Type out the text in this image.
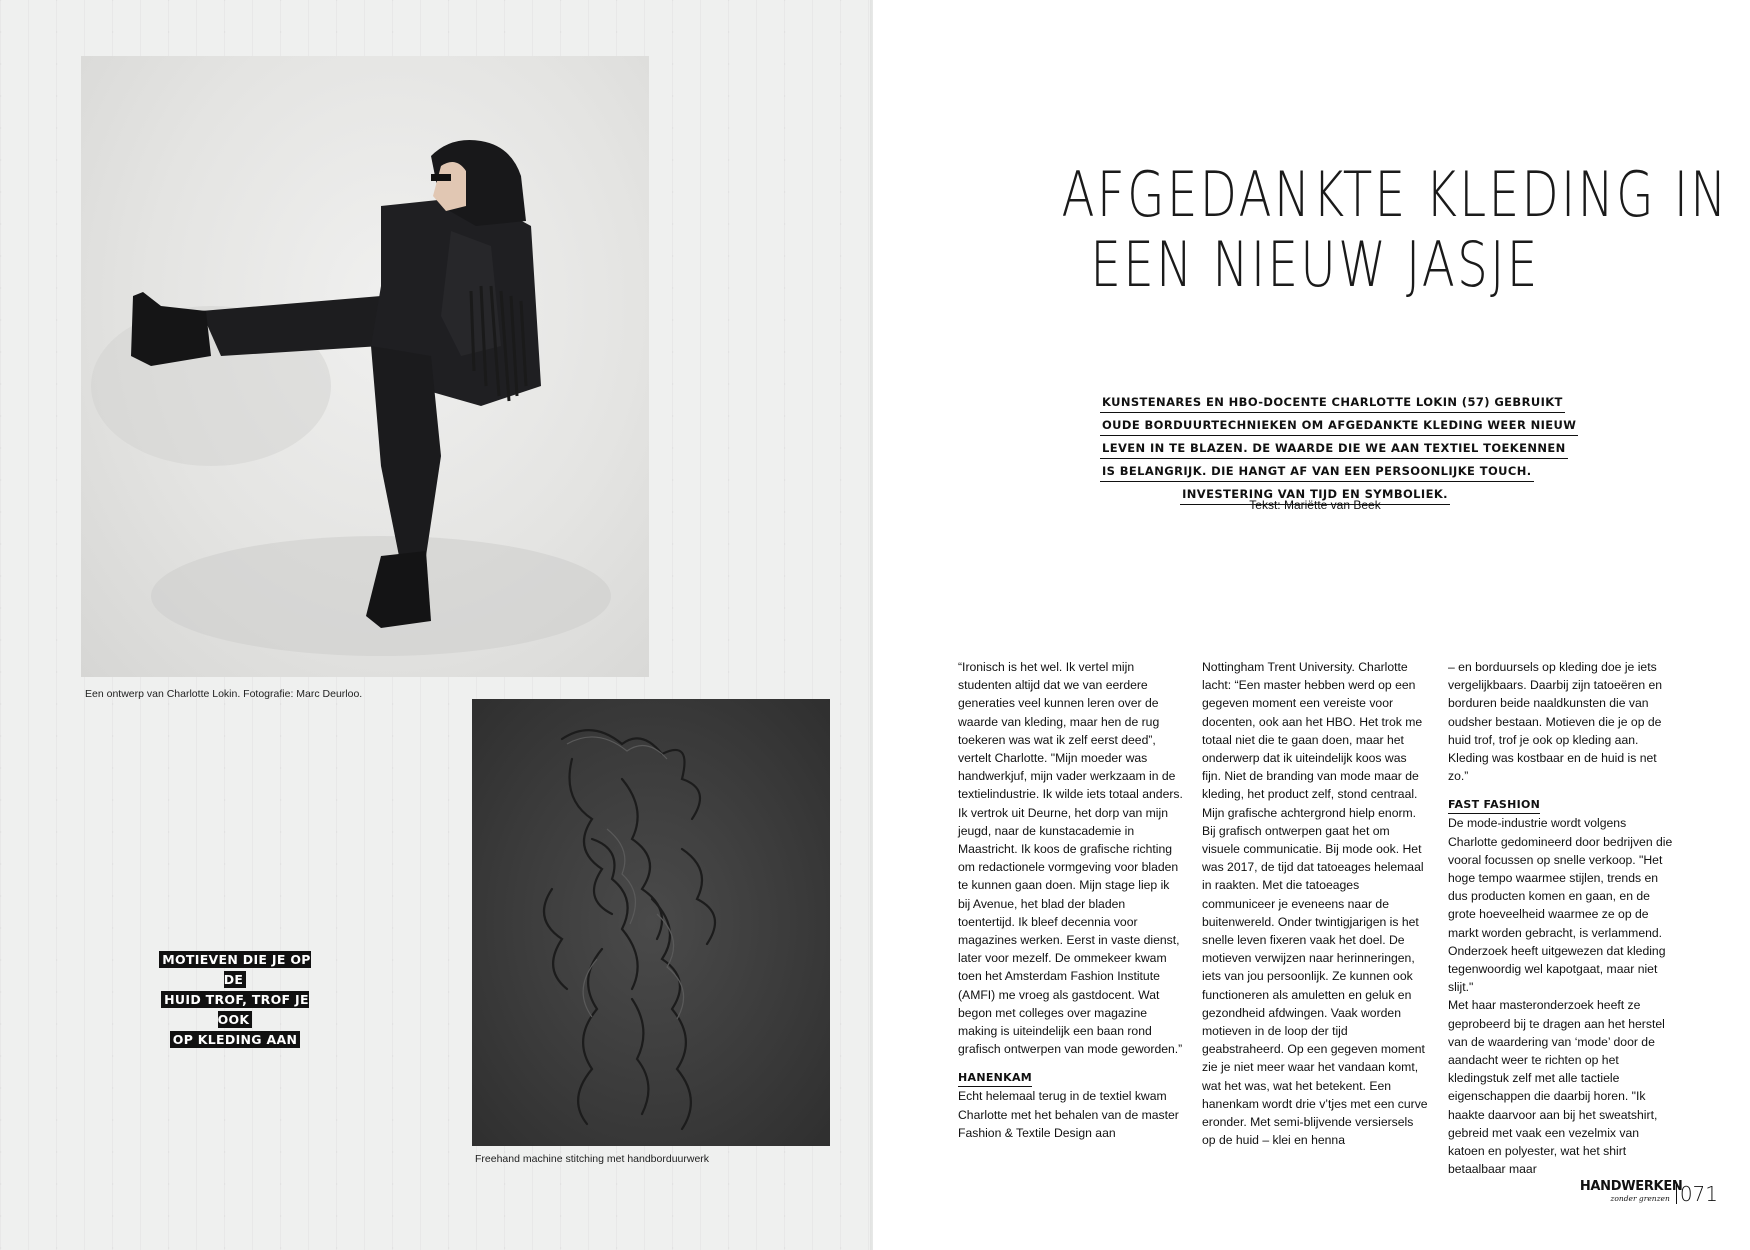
Een ontwerp van Charlotte Lokin. Fotografie: Marc Deurloo.
Freehand machine stitching met handborduurwerk
MOTIEVEN DIE JE OP DE
HUID TROF, TROF JE OOK
OP KLEDING AAN
AFGEDANKTE KLEDING IN
EEN NIEUW JASJE
KUNSTENARES EN HBO-DOCENTE CHARLOTTE LOKIN (57) GEBRUIKT
OUDE BORDUURTECHNIEKEN OM AFGEDANKTE KLEDING WEER NIEUW
LEVEN IN TE BLAZEN. DE WAARDE DIE WE AAN TEXTIEL TOEKENNEN
IS BELANGRIJK. DIE HANGT AF VAN EEN PERSOONLIJKE TOUCH.
INVESTERING VAN TIJD EN SYMBOLIEK.
Tekst: Mariëtte van Beek

“Ironisch is het wel. Ik vertel mijn studenten altijd dat we van eerdere generaties veel kunnen leren over de waarde van kleding, maar hen de rug toekeren was wat ik zelf eerst deed”, vertelt Charlotte. "Mijn moeder was handwerkjuf, mijn vader werkzaam in de textielindustrie. Ik wilde iets totaal anders. Ik vertrok uit Deurne, het dorp van mijn jeugd, naar de kunstacademie in Maastricht. Ik koos de grafische richting om redactionele vormgeving voor bladen te kunnen gaan doen. Mijn stage liep ik bij Avenue, het blad der bladen toentertijd. Ik bleef decennia voor magazines werken. Eerst in vaste dienst, later voor mezelf. De ommekeer kwam toen het Amsterdam Fashion Institute (AMFI) me vroeg als gastdocent. Wat begon met colleges over magazine making is uiteindelijk een baan rond grafisch ontwerpen van mode geworden.”

HANENKAM

Echt helemaal terug in de textiel kwam Charlotte met het behalen van de master Fashion & Textile Design aan

Nottingham Trent University. Charlotte lacht: “Een master hebben werd op een gegeven moment een vereiste voor docenten, ook aan het HBO. Het trok me totaal niet die te gaan doen, maar het onderwerp dat ik uiteindelijk koos was fijn. Niet de branding van mode maar de kleding, het product zelf, stond centraal. Mijn grafische achtergrond hielp enorm. Bij grafisch ontwerpen gaat het om visuele communicatie. Bij mode ook. Het was 2017, de tijd dat tatoeages helemaal in raakten. Met die tatoeages communiceer je eveneens naar de buitenwereld. Onder twintigjarigen is het snelle leven fixeren vaak het doel. De motieven verwijzen naar herinneringen, iets van jou persoonlijk. Ze kunnen ook functioneren als amuletten en geluk en gezondheid afdwingen. Vaak worden motieven in de loop der tijd geabstraheerd. Op een gegeven moment zie je niet meer waar het vandaan komt, wat het was, wat het betekent. Een hanenkam wordt drie v’tjes met een curve eronder. Met semi-blijvende versiersels op de huid – klei en henna

– en borduursels op kleding doe je iets vergelijkbaars. Daarbij zijn tatoeëren en borduren beide naaldkunsten die van oudsher bestaan. Motieven die je op de huid trof, trof je ook op kleding aan. Kleding was kostbaar en de huid is net zo.”

FAST FASHION

De mode-industrie wordt volgens Charlotte gedomineerd door bedrijven die vooral focussen op snelle verkoop. "Het hoge tempo waarmee stijlen, trends en dus producten komen en gaan, en de grote hoeveelheid waarmee ze op de markt worden gebracht, is verlammend. Onderzoek heeft uitgewezen dat kleding tegenwoordig wel kapotgaat, maar niet slijt."

Met haar masteronderzoek heeft ze geprobeerd bij te dragen aan het herstel van de waardering van ‘mode’ door de aandacht weer te richten op het kledingstuk zelf met alle tactiele eigenschappen die daarbij horen. "Ik haakte daarvoor aan bij het sweatshirt, gebreid met vaak een vezelmix van katoen en polyester, wat het shirt betaalbaar maar

HANDWERKEN
zonder grenzen 071
